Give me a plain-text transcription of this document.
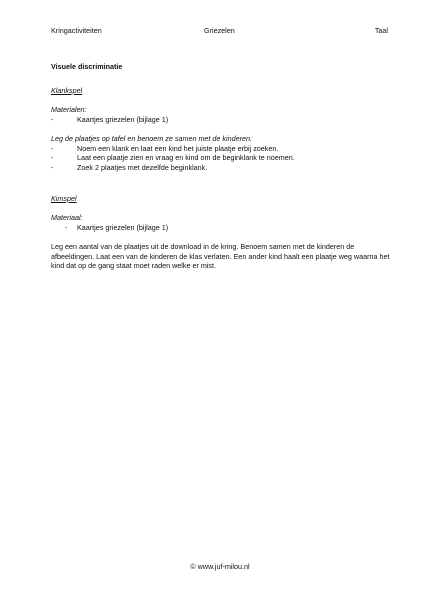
Kringactiviteiten	Griezelen	Taal

Visuele discriminatie

Klankspel

Materialen:

-	Kaartjes griezelen (bijlage 1)

Leg de plaatjes op tafel en benoem ze samen met de kinderen.

-	Noem een klank en laat een kind het juiste plaatje erbij zoeken.
-	Laat een plaatje zien en vraag en kind om de beginklank te noemen.
-	Zoek 2 plaatjes met dezelfde beginklank.

Kimspel

Materiaal:

-	Kaartjes griezelen (bijlage 1)

Leg een aantal van de plaatjes uit de download in de kring. Benoem samen met de kinderen de afbeeldingen. Laat een van de kinderen de klas verlaten. Een ander kind haalt een plaatje weg waarna het kind dat op de gang staat moet raden welke er mist.

© www.juf-milou.nl
